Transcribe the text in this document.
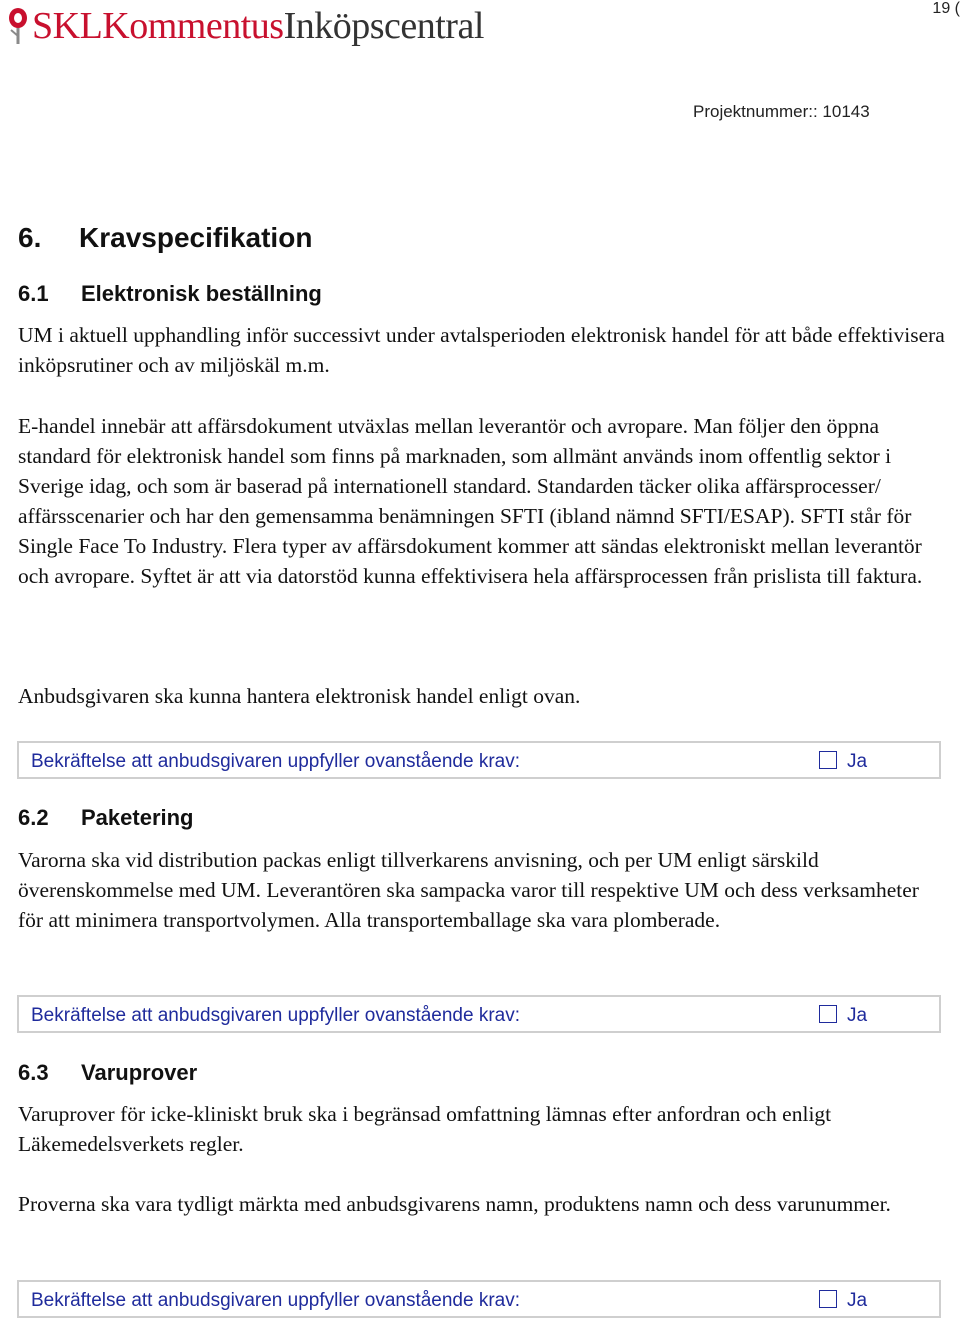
SKLKommentusInköpscentral	19 (
Projektnummer:: 10143
6. Kravspecifikation
6.1 Elektronisk beställning

UM i aktuell upphandling inför successivt under avtalsperioden elektronisk handel för att både effektivisera inköpsrutiner och av miljöskäl m.m.

E-handel innebär att affärsdokument utväxlas mellan leverantör och avropare. Man följer den öppna standard för elektronisk handel som finns på marknaden, som allmänt används inom offentlig sektor i Sverige idag, och som är baserad på internationell standard. Standarden täcker olika affärsprocesser/ affärsscenarier och har den gemensamma benämningen SFTI (ibland nämnd SFTI/ESAP). SFTI står för Single Face To Industry. Flera typer av affärsdokument kommer att sändas elektroniskt mellan leverantör och avropare. Syftet är att via datorstöd kunna effektivisera hela affärsprocessen från prislista till faktura.

Anbudsgivaren ska kunna hantera elektronisk handel enligt ovan.

Bekräftelse att anbudsgivaren uppfyller ovanstående krav:	Ja
6.2 Paketering

Varorna ska vid distribution packas enligt tillverkarens anvisning, och per UM enligt särskild överenskommelse med UM. Leverantören ska sampacka varor till respektive UM och dess verksamheter för att minimera transportvolymen. Alla transportemballage ska vara plomberade.

Bekräftelse att anbudsgivaren uppfyller ovanstående krav:	Ja
6.3 Varuprover

Varuprover för icke-kliniskt bruk ska i begränsad omfattning lämnas efter anfordran och enligt Läkemedelsverkets regler.

Proverna ska vara tydligt märkta med anbudsgivarens namn, produktens namn och dess varunummer.

Bekräftelse att anbudsgivaren uppfyller ovanstående krav:	Ja
